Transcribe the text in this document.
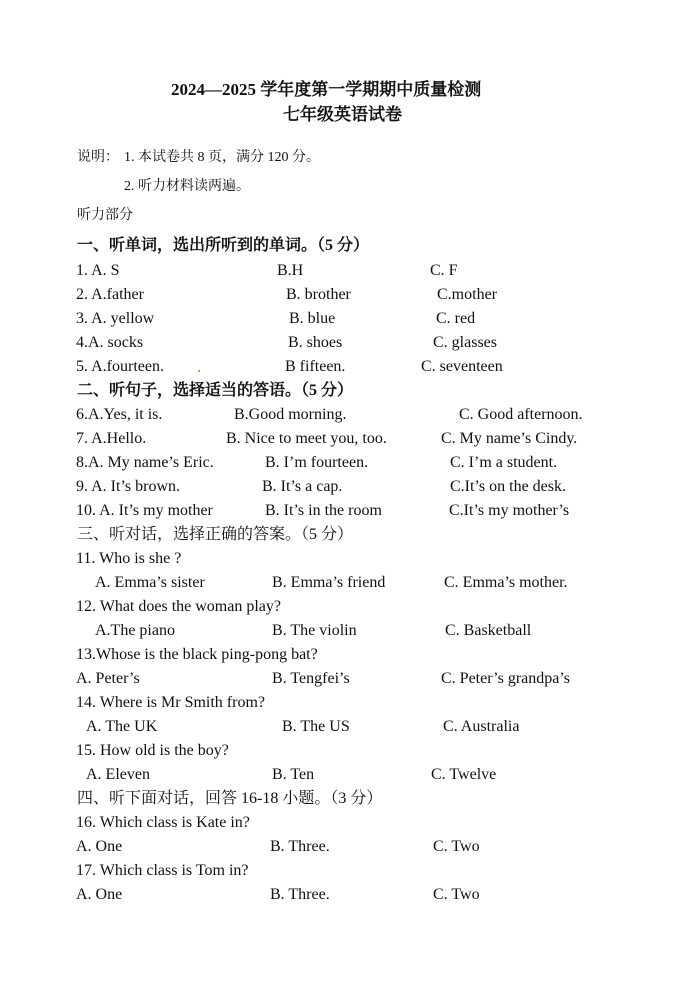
2024—2025 学年度第一学期期中质量检测
七年级英语试卷
说明： 1. 本试卷共 8 页，满分 120 分。
2. 听力材料读两遍。
听力部分
一、听单词，选出所听到的单词。（5 分）
1. A. S	B.H	C. F
2. A.father	B. brother	C.mother
3. A. yellow	B. blue	C. red
4.A. socks	B. shoes	C. glasses
5. A.fourteen.	B fifteen.	C. seventeen
二、听句子，选择适当的答语。（5 分）
6.A.Yes, it is.	B.Good morning.	C. Good afternoon.
7. A.Hello.	B. Nice to meet you, too.	C. My name’s Cindy.
8.A. My name’s Eric.	B. I’m fourteen.	C. I’m a student.
9. A. It’s brown.	B. It’s a cap.	C.It’s on the desk.
10. A. It’s my mother	B. It’s in the room	C.It’s my mother’s
三、听对话，选择正确的答案。（5 分）
11. Who is she ?
A. Emma’s sister	B. Emma’s friend	C. Emma’s mother.
12. What does the woman play?
A.The piano	B. The violin	C. Basketball
13.Whose is the black ping-pong bat?
A. Peter’s	B. Tengfei’s	C. Peter’s grandpa’s
14. Where is Mr Smith from?
A. The UK	B. The US	C. Australia
15. How old is the boy?
A. Eleven	B. Ten	C. Twelve
四、听下面对话，回答 16-18 小题。（3 分）
16. Which class is Kate in?
A. One	B. Three.	C. Two
17. Which class is Tom in?
A. One	B. Three.	C. Two
